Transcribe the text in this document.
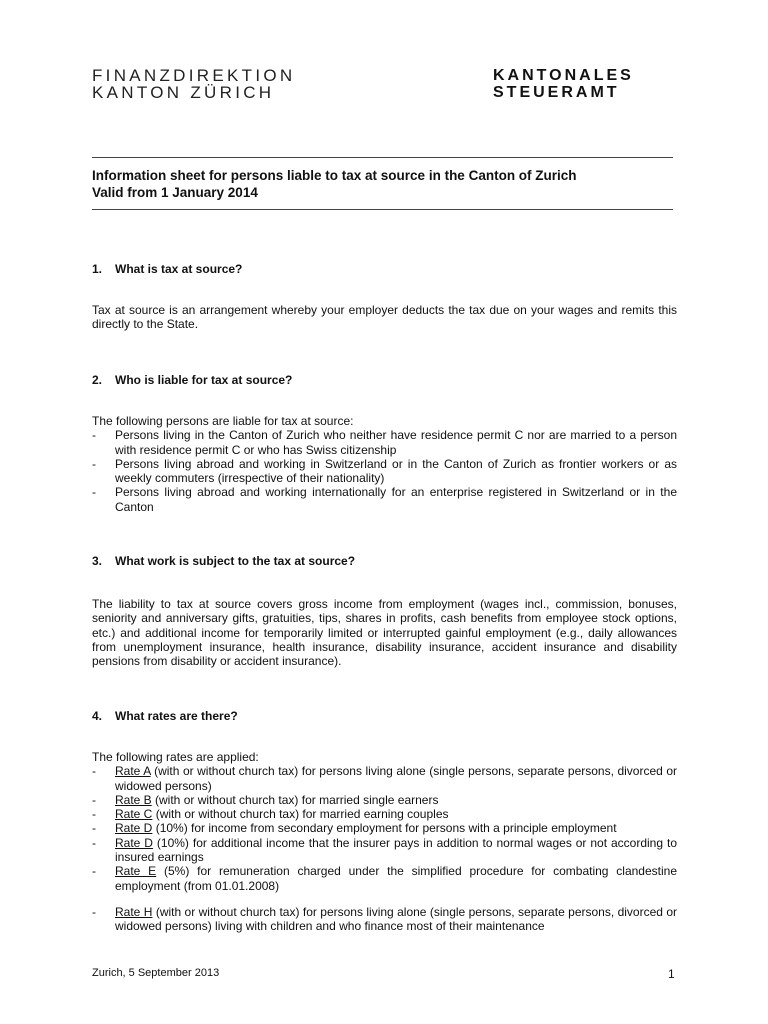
FINANZDIREKTION
KANTON ZÜRICH
KANTONALES
STEUERAMT
Information sheet for persons liable to tax at source in the Canton of Zurich
Valid from 1 January 2014
1. What is tax at source?
Tax at source is an arrangement whereby your employer deducts the tax due on your wages and remits this directly to the State.
2. Who is liable for tax at source?
The following persons are liable for tax at source:
- Persons living in the Canton of Zurich who neither have residence permit C nor are married to a person with residence permit C or who has Swiss citizenship
- Persons living abroad and working in Switzerland or in the Canton of Zurich as frontier workers or as weekly commuters (irrespective of their nationality)
- Persons living abroad and working internationally for an enterprise registered in Switzerland or in the Canton
3. What work is subject to the tax at source?
The liability to tax at source covers gross income from employment (wages incl., commission, bonuses, seniority and anniversary gifts, gratuities, tips, shares in profits, cash benefits from employee stock options, etc.) and additional income for temporarily limited or interrupted gainful employment (e.g., daily allowances from unemployment insurance, health insurance, disability insurance, accident insurance and disability pensions from disability or accident insurance).
4. What rates are there?
The following rates are applied:
- Rate A (with or without church tax) for persons living alone (single persons, separate persons, divorced or widowed persons)
- Rate B (with or without church tax) for married single earners
- Rate C (with or without church tax) for married earning couples
- Rate D (10%) for income from secondary employment for persons with a principle employment
- Rate D (10%) for additional income that the insurer pays in addition to normal wages or not according to insured earnings
- Rate E (5%) for remuneration charged under the simplified procedure for combating clandestine employment (from 01.01.2008)
- Rate H (with or without church tax) for persons living alone (single persons, separate persons, divorced or widowed persons) living with children and who finance most of their maintenance
Zurich, 5 September 2013	1
